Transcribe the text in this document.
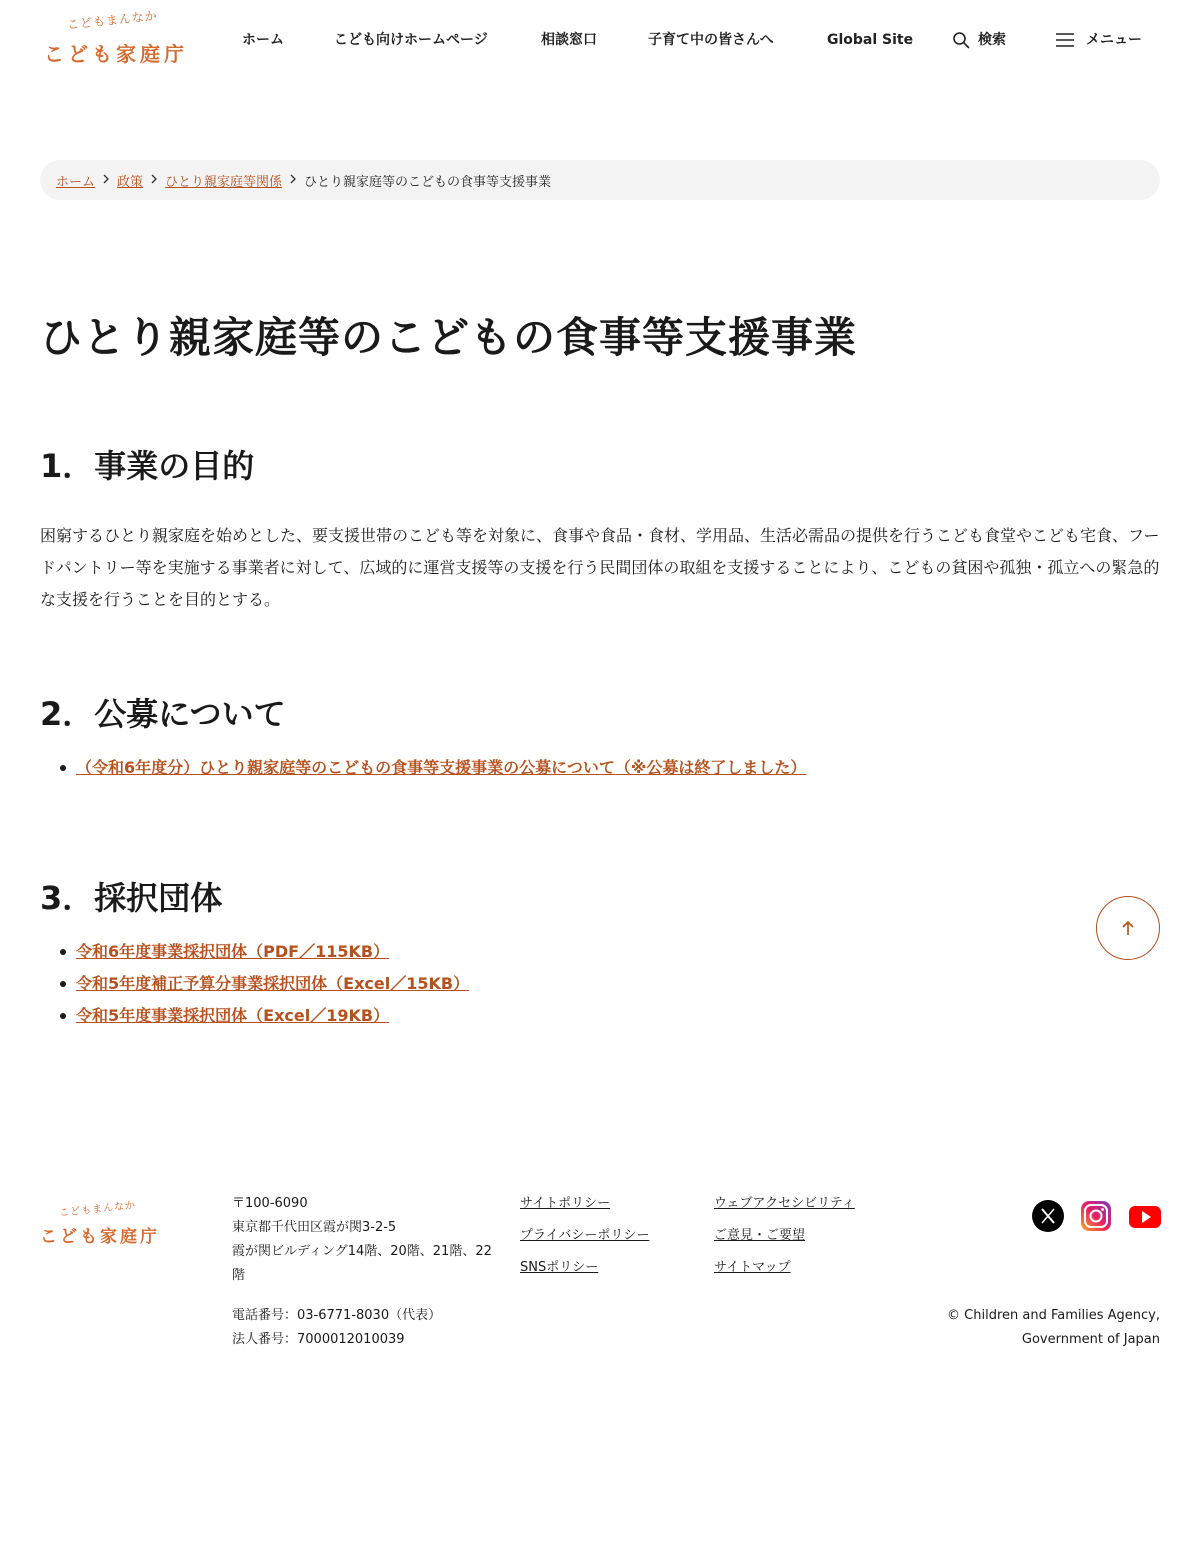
こどもまんなか
こども家庭庁
ホーム	こども向けホームページ	相談窓口	子育て中の皆さんへ	Global Site	検索	メニュー
ホーム 政策 ひとり親家庭等関係 ひとり親家庭等のこどもの食事等支援事業
ひとり親家庭等のこどもの食事等支援事業
1．事業の目的

困窮するひとり親家庭を始めとした、要支援世帯のこども等を対象に、食事や食品・食材、学用品、生活必需品の提供を行うこども食堂やこども宅食、フードパントリー等を実施する事業者に対して、広域的に運営支援等の支援を行う民間団体の取組を支援することにより、こどもの貧困や孤独・孤立への緊急的な支援を行うことを目的とする。

2．公募について
（令和6年度分）ひとり親家庭等のこどもの食事等支援事業の公募について（※公募は終了しました）
3．採択団体
令和6年度事業採択団体（PDF／115KB）
令和5年度補正予算分事業採択団体（Excel／15KB）
令和5年度事業採択団体（Excel／19KB）
こどもまんなか
こども家庭庁
〒100-6090
東京都千代田区霞が関3-2-5
霞が関ビルディング14階、20階、21階、22階
電話番号：03-6771-8030（代表）
法人番号：7000012010039
サイトポリシー
プライバシーポリシー
SNSポリシー
ウェブアクセシビリティ
ご意見・ご要望
サイトマップ
© Children and Families Agency,
Government of Japan
